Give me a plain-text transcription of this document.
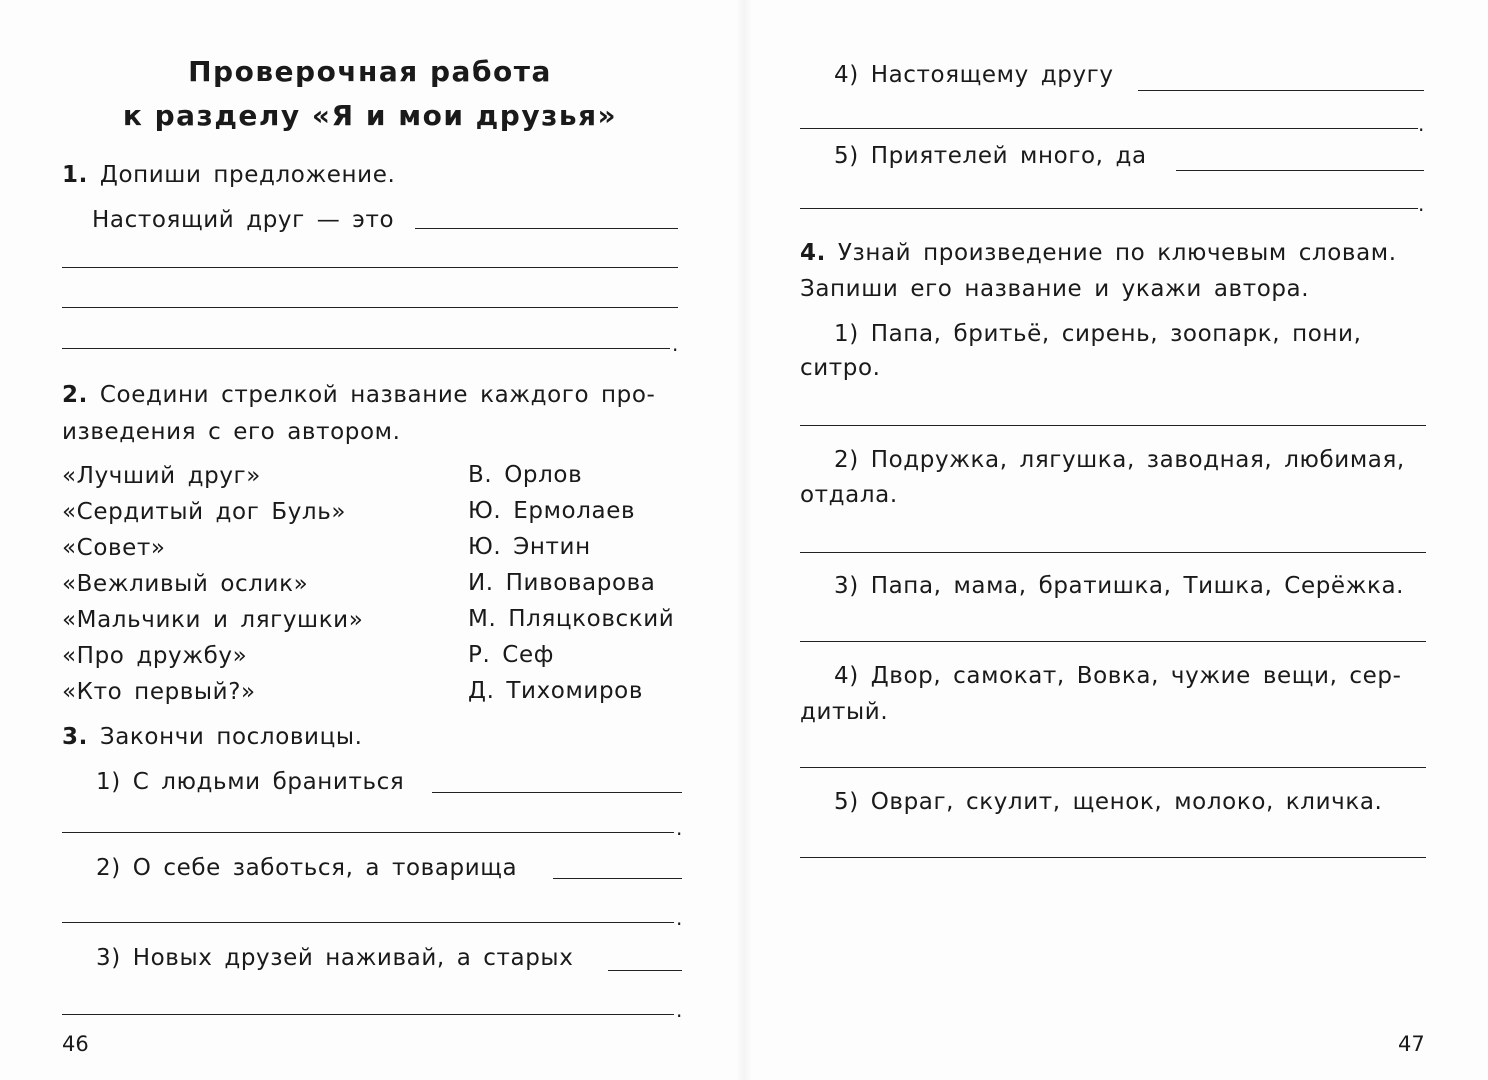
Проверочная работа
к разделу «Я и мои друзья»
1. Допиши предложение.
Настоящий друг — это
.
2. Соедини стрелкой название каждого про-
изведения с его автором.
«Лучший друг»
«Сердитый дог Буль»
«Совет»
«Вежливый ослик»
«Мальчики и лягушки»
«Про дружбу»
«Кто первый?»
В. Орлов
Ю. Ермолаев
Ю. Энтин
И. Пивоварова
М. Пляцковский
Р. Сеф
Д. Тихомиров
3. Закончи пословицы.
1) С людьми браниться
.
2) О себе заботься, а товарища
.
3) Новых друзей наживай, а старых
.
46
4) Настоящему другу
.
5) Приятелей много, да
.
4. Узнай произведение по ключевым словам.
Запиши его название и укажи автора.
1) Папа, бритьё, сирень, зоопарк, пони,
ситро.
2) Подружка, лягушка, заводная, любимая,
отдала.
3) Папа, мама, братишка, Тишка, Серёжка.
4) Двор, самокат, Вовка, чужие вещи, сер-
дитый.
5) Овраг, скулит, щенок, молоко, кличка.
47
